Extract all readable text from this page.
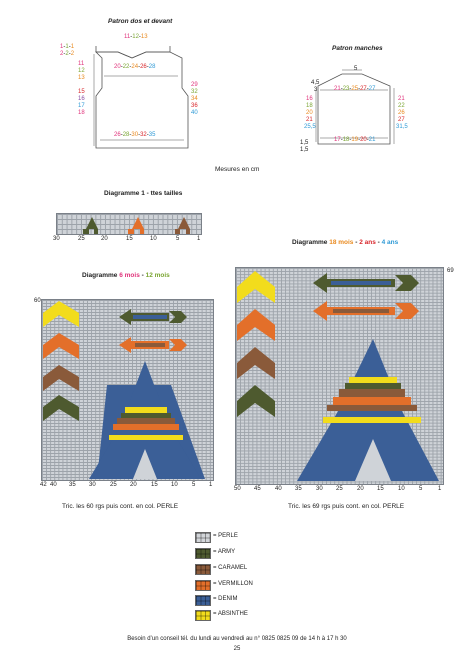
Patron dos et devant
11-12-13
1-1-1
2-2-2
11
12
13
15
16
17
18
20-22-24-26-28
26-28-30-32-35
29
32
34
36
40
Patron manches
5
4,5
3	21-23-25-27-27
17-18-19-20-21
16
18
20
21
25,5
21
22
26
27
31,5
1,5
1,5
Mesures en cm
Diagramme 1 - ttes tailles
30	25	20	15	10	5	1
Diagramme 6 mois - 12 mois
60
42 40 35 30 25 20 15 10 5 1
Tric. les 60 rgs puis cont. en col. PERLE
Diagramme 18 mois - 2 ans - 4 ans
69
50 45 40 35 30 25 20 15 10 5	1
Tric. les 69 rgs puis cont. en col. PERLE
= PERLE
= ARMY
= CARAMEL
= VERMILLON
= DENIM
= ABSINTHE
Besoin d’un conseil tél. du lundi au vendredi au n° 0825 0825 09 de 14 h à 17 h 30
25
